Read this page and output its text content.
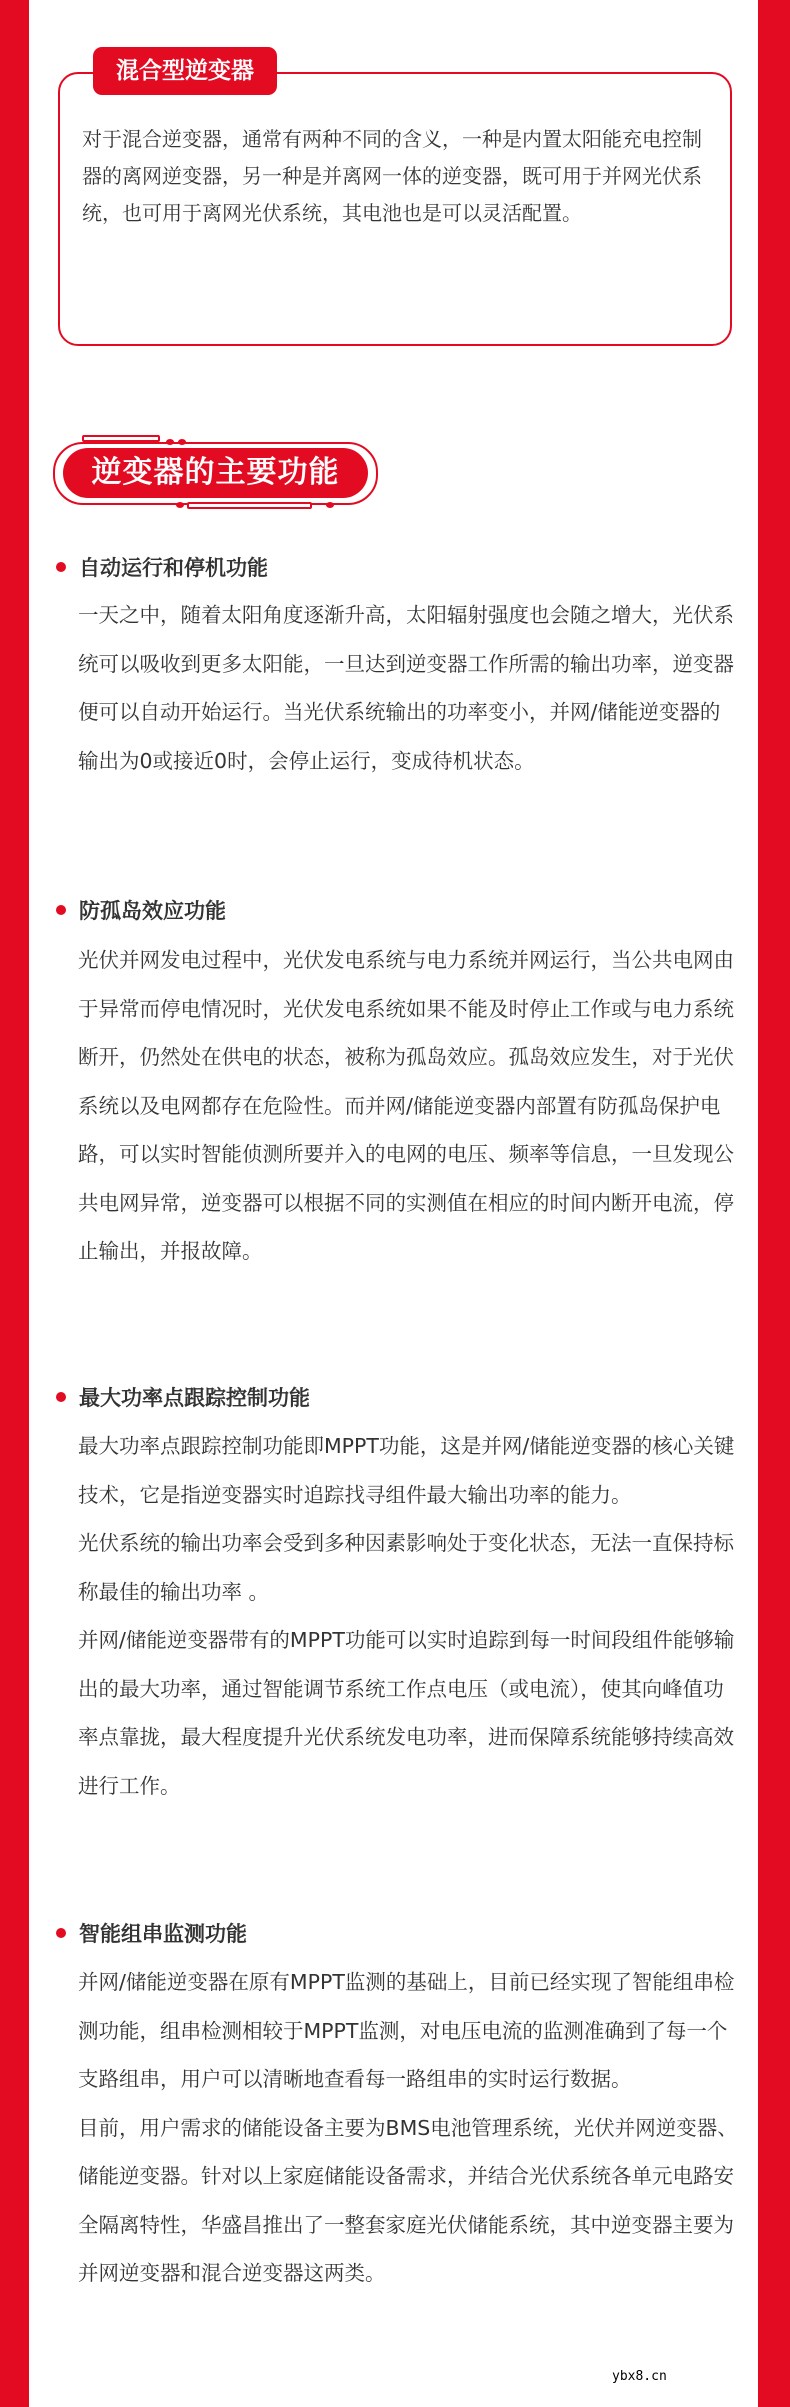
混合型逆变器
对于混合逆变器，通常有两种不同的含义，一种是内置太阳能充电控制器的离网逆变器，另一种是并离网一体的逆变器，既可用于并网光伏系统，也可用于离网光伏系统，其电池也是可以灵活配置。
逆变器的主要功能
自动运行和停机功能
一天之中，随着太阳角度逐渐升高，太阳辐射强度也会随之增大，光伏系统可以吸收到更多太阳能，一旦达到逆变器工作所需的输出功率，逆变器便可以自动开始运行。当光伏系统输出的功率变小，并网/储能逆变器的输出为0或接近0时，会停止运行，变成待机状态。
防孤岛效应功能
光伏并网发电过程中，光伏发电系统与电力系统并网运行，当公共电网由于异常而停电情况时，光伏发电系统如果不能及时停止工作或与电力系统断开，仍然处在供电的状态，被称为孤岛效应。孤岛效应发生，对于光伏系统以及电网都存在危险性。而并网/储能逆变器内部置有防孤岛保护电路，可以实时智能侦测所要并入的电网的电压、频率等信息，一旦发现公共电网异常，逆变器可以根据不同的实测值在相应的时间内断开电流，停止输出，并报故障。
最大功率点跟踪控制功能
最大功率点跟踪控制功能即MPPT功能，这是并网/储能逆变器的核心关键技术，它是指逆变器实时追踪找寻组件最大输出功率的能力。
光伏系统的输出功率会受到多种因素影响处于变化状态，无法一直保持标称最佳的输出功率 。
并网/储能逆变器带有的MPPT功能可以实时追踪到每一时间段组件能够输出的最大功率，通过智能调节系统工作点电压（或电流），使其向峰值功率点靠拢，最大程度提升光伏系统发电功率，进而保障系统能够持续高效进行工作。
智能组串监测功能
并网/储能逆变器在原有MPPT监测的基础上，目前已经实现了智能组串检测功能，组串检测相较于MPPT监测，对电压电流的监测准确到了每一个支路组串，用户可以清晰地查看每一路组串的实时运行数据。
目前，用户需求的储能设备主要为BMS电池管理系统，光伏并网逆变器、储能逆变器。针对以上家庭储能设备需求，并结合光伏系统各单元电路安全隔离特性，华盛昌推出了一整套家庭光伏储能系统，其中逆变器主要为并网逆变器和混合逆变器这两类。
ybx8.cn
